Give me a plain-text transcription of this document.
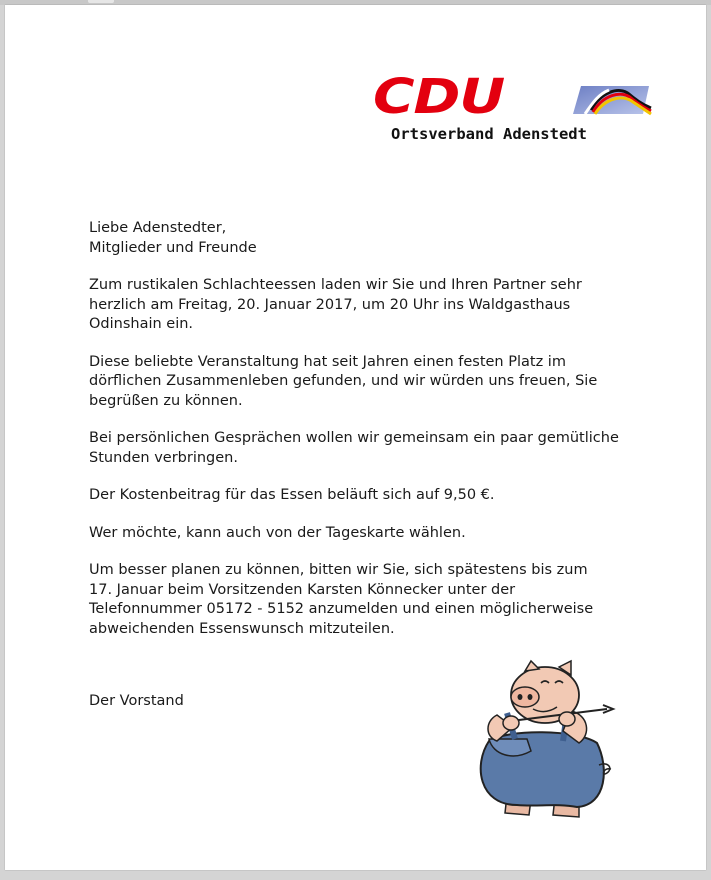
CDU
Ortsverband Adenstedt

Liebe Adenstedter,
Mitglieder und Freunde

Zum rustikalen Schlachteessen laden wir Sie und Ihren Partner sehr
herzlich am Freitag, 20. Januar 2017, um 20 Uhr ins Waldgasthaus
Odinshain ein.

Diese beliebte Veranstaltung hat seit Jahren einen festen Platz im
dörflichen Zusammenleben gefunden, und wir würden uns freuen, Sie
begrüßen zu können.

Bei persönlichen Gesprächen wollen wir gemeinsam ein paar gemütliche
Stunden verbringen.

Der Kostenbeitrag für das Essen beläuft sich auf 9,50 €.

Wer möchte, kann auch von der Tageskarte wählen.

Um besser planen zu können, bitten wir Sie, sich spätestens bis zum
17. Januar beim Vorsitzenden Karsten Könnecker unter der
Telefonnummer 05172 - 5152 anzumelden und einen möglicherweise
abweichenden Essenswunsch mitzuteilen.

Der Vorstand
